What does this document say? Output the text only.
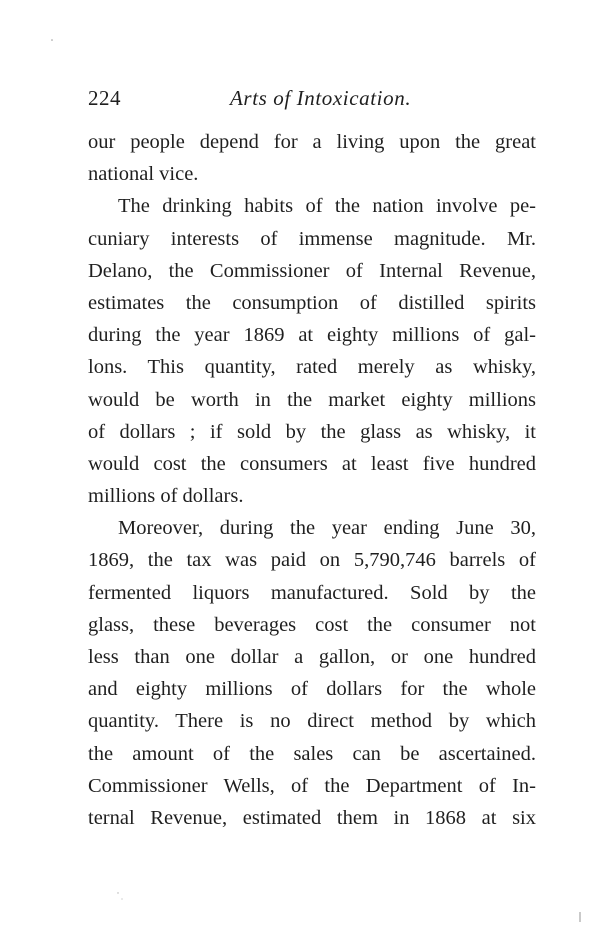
224	Arts of Intoxication.
our people depend for a living upon the great
national vice.
The drinking habits of the nation involve pe-
cuniary interests of immense magnitude. Mr.
Delano, the Commissioner of Internal Revenue,
estimates the consumption of distilled spirits
during the year 1869 at eighty millions of gal-
lons. This quantity, rated merely as whisky,
would be worth in the market eighty millions
of dollars ; if sold by the glass as whisky, it
would cost the consumers at least five hundred
millions of dollars.
Moreover, during the year ending June 30,
1869, the tax was paid on 5,790,746 barrels of
fermented liquors manufactured. Sold by the
glass, these beverages cost the consumer not
less than one dollar a gallon, or one hundred
and eighty millions of dollars for the whole
quantity. There is no direct method by which
the amount of the sales can be ascertained.
Commissioner Wells, of the Department of In-
ternal Revenue, estimated them in 1868 at six
